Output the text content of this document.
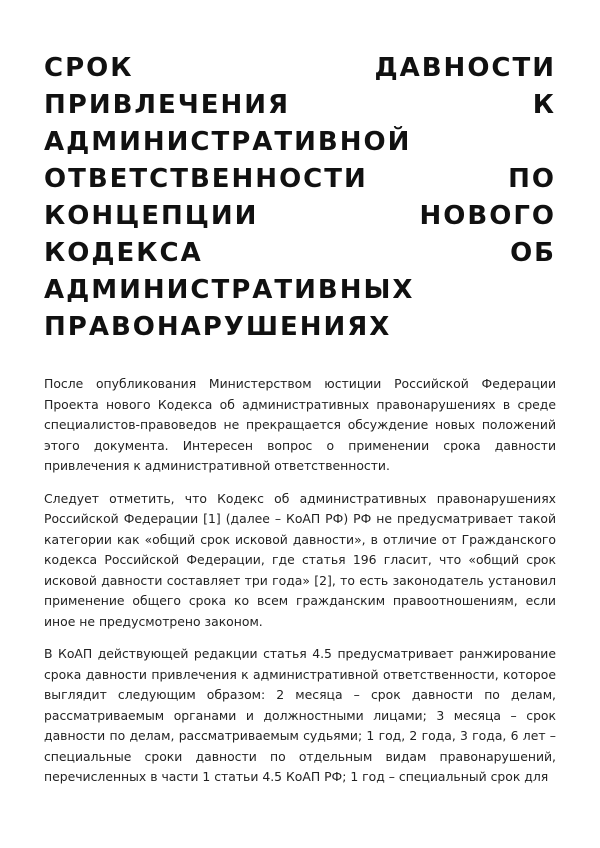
СРОК ДАВНОСТИ ПРИВЛЕЧЕНИЯ К АДМИНИСТРАТИВНОЙ ОТВЕТСТВЕННОСТИ ПО КОНЦЕПЦИИ НОВОГО КОДЕКСА ОБ АДМИНИСТРАТИВНЫХ ПРАВОНАРУШЕНИЯХ

После опубликования Министерством юстиции Российской Федерации Проекта нового Кодекса об административных правонарушениях в среде специалистов-правоведов не прекращается обсуждение новых положений этого документа. Интересен вопрос о применении срока давности привлечения к административной ответственности.

Следует отметить, что Кодекс об административных правонарушениях Российской Федерации [1] (далее – КоАП РФ) РФ не предусматривает такой категории как «общий срок исковой давности», в отличие от Гражданского кодекса Российской Федерации, где статья 196 гласит, что «общий срок исковой давности составляет три года» [2], то есть законодатель установил применение общего срока ко всем гражданским правоотношениям, если иное не предусмотрено законом.

В КоАП действующей редакции статья 4.5 предусматривает ранжирование срока давности привлечения к административной ответственности, которое выглядит следующим образом: 2 месяца – срок давности по делам, рассматриваемым органами и должностными лицами; 3 месяца – срок давности по делам, рассматриваемым судьями; 1 год, 2 года, 3 года, 6 лет – специальные сроки давности по отдельным видам правонарушений, перечисленных в части 1 статьи 4.5 КоАП РФ; 1 год – специальный срок для
